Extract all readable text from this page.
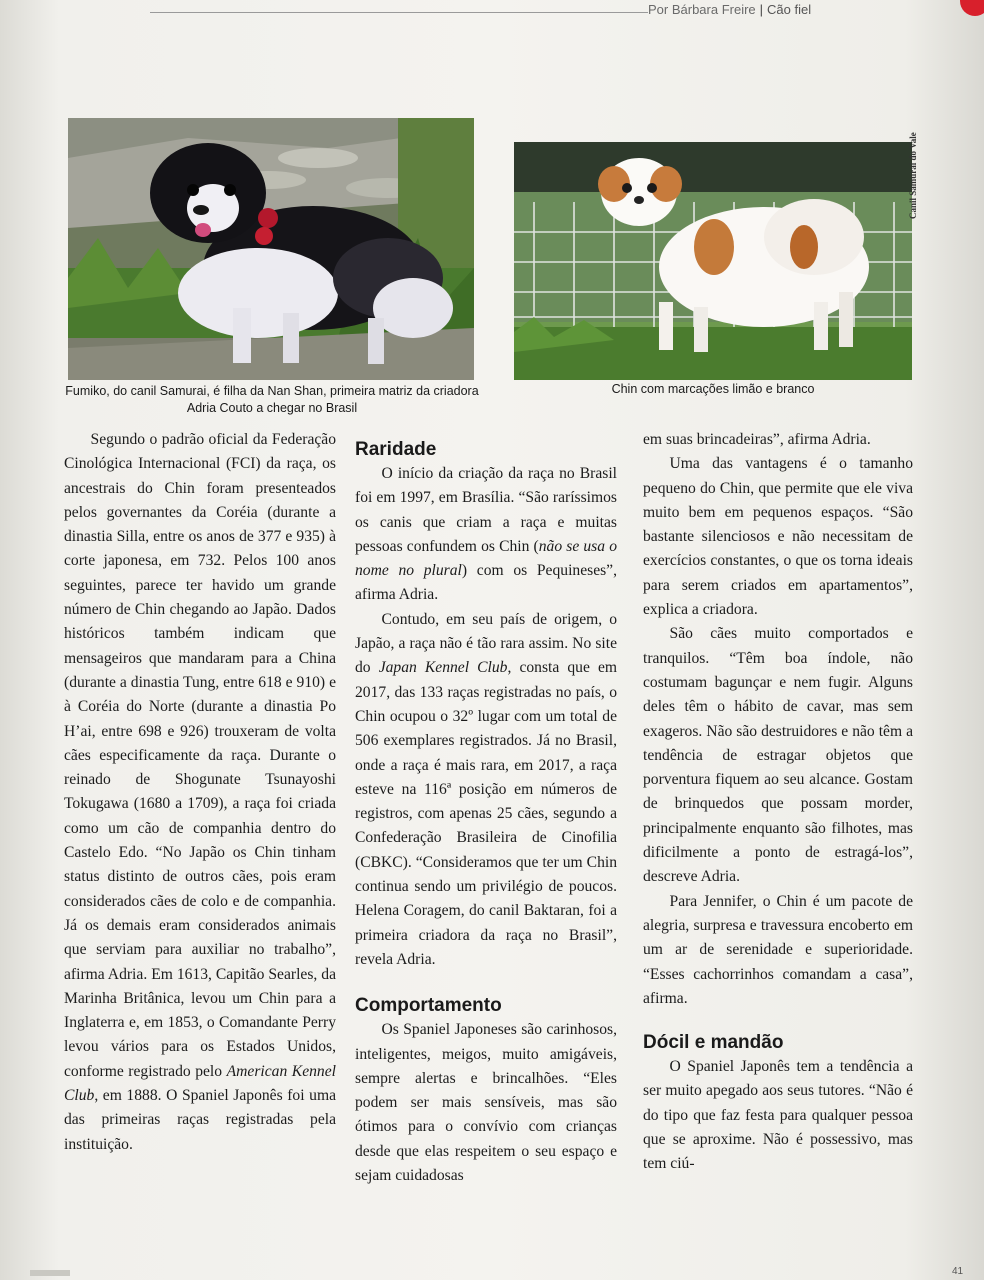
Por Bárbara Freire | Cão fiel
Canil Samurai do Vale
Fumiko, do canil Samurai, é filha da Nan Shan, primeira matriz da criadora Adria Couto a chegar no Brasil
Chin com marcações limão e branco

Segundo o padrão oficial da Federação Cinológica Internacional (FCI) da raça, os ancestrais do Chin foram presenteados pelos governantes da Coréia (durante a dinastia Silla, entre os anos de 377 e 935) à corte japonesa, em 732. Pelos 100 anos seguintes, parece ter havido um grande número de Chin chegando ao Japão. Dados históricos também indicam que mensageiros que mandaram para a China (durante a dinastia Tung, entre 618 e 910) e à Coréia do Norte (durante a dinastia Po H’ai, entre 698 e 926) trouxeram de volta cães especificamente da raça. Durante o reinado de Shogunate Tsunayoshi Tokugawa (1680 a 1709), a raça foi criada como um cão de companhia dentro do Castelo Edo. “No Japão os Chin tinham status distinto de outros cães, pois eram considerados cães de colo e de companhia. Já os demais eram considerados animais que serviam para auxiliar no trabalho”, afirma Adria. Em 1613, Capitão Searles, da Marinha Britânica, levou um Chin para a Inglaterra e, em 1853, o Comandante Perry levou vários para os Estados Unidos, conforme registrado pelo American Kennel Club, em 1888. O Spaniel Japonês foi uma das primeiras raças registradas pela instituição.

Raridade

O início da criação da raça no Brasil foi em 1997, em Brasília. “São raríssimos os canis que criam a raça e muitas pessoas confundem os Chin (não se usa o nome no plural) com os Pequineses”, afirma Adria.

Contudo, em seu país de origem, o Japão, a raça não é tão rara assim. No site do Japan Kennel Club, consta que em 2017, das 133 raças registradas no país, o Chin ocupou o 32º lugar com um total de 506 exemplares registrados. Já no Brasil, onde a raça é mais rara, em 2017, a raça esteve na 116ª posição em números de registros, com apenas 25 cães, segundo a Confederação Brasileira de Cinofilia (CBKC). “Consideramos que ter um Chin continua sendo um privilégio de poucos. Helena Coragem, do canil Baktaran, foi a primeira criadora da raça no Brasil”, revela Adria.

Comportamento

Os Spaniel Japoneses são carinhosos, inteligentes, meigos, muito amigáveis, sempre alertas e brincalhões. “Eles podem ser mais sensíveis, mas são ótimos para o convívio com crianças desde que elas respeitem o seu espaço e sejam cuidadosas

em suas brincadeiras”, afirma Adria.

Uma das vantagens é o tamanho pequeno do Chin, que permite que ele viva muito bem em pequenos espaços. “São bastante silenciosos e não necessitam de exercícios constantes, o que os torna ideais para serem criados em apartamentos”, explica a criadora.

São cães muito comportados e tranquilos. “Têm boa índole, não costumam bagunçar e nem fugir. Alguns deles têm o hábito de cavar, mas sem exageros. Não são destruidores e não têm a tendência de estragar objetos que porventura fiquem ao seu alcance. Gostam de brinquedos que possam morder, principalmente enquanto são filhotes, mas dificilmente a ponto de estragá-los”, descreve Adria.

Para Jennifer, o Chin é um pacote de alegria, surpresa e travessura encoberto em um ar de serenidade e superioridade. “Esses cachorrinhos comandam a casa”, afirma.

Dócil e mandão

O Spaniel Japonês tem a tendência a ser muito apegado aos seus tutores. “Não é do tipo que faz festa para qualquer pessoa que se aproxime. Não é possessivo, mas tem ciú-

41
